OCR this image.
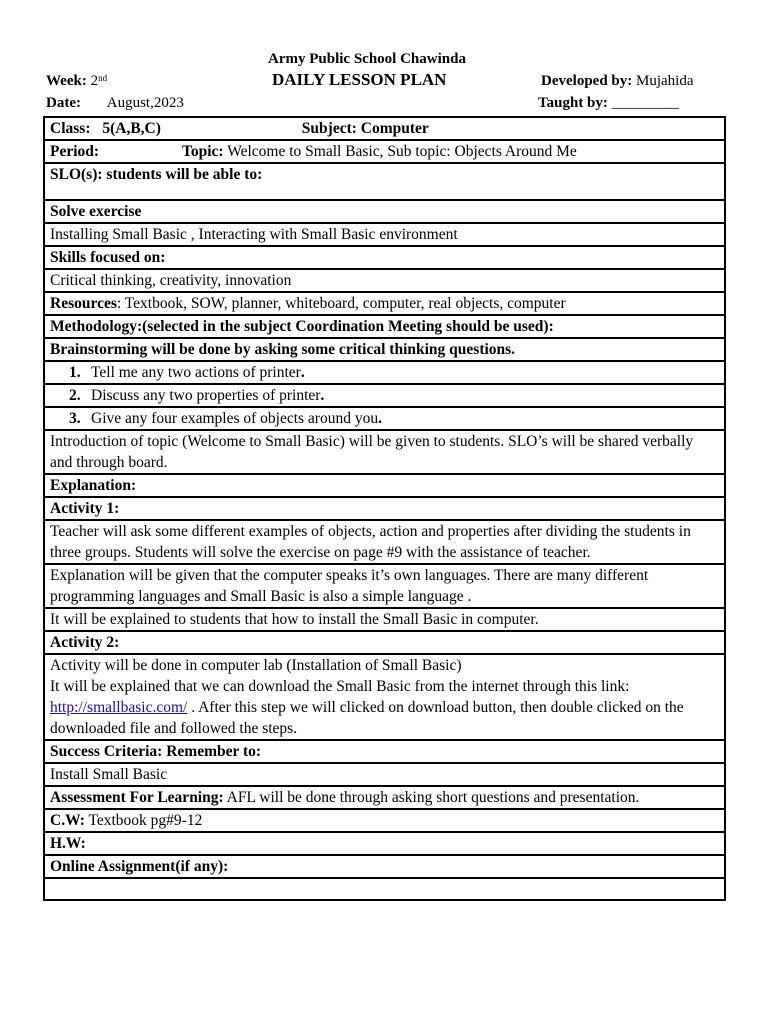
Army Public School Chawinda
DAILY LESSON PLAN
Week: 2nd	Developed by: Mujahida
Date: August,2023	Taught by: _________
Class: 5(A,B,C)	Subject: Computer
Period:	Topic: Welcome to Small Basic, Sub topic: Objects Around Me
SLO(s): students will be able to:
Solve exercise
Installing Small Basic , Interacting with Small Basic environment
Skills focused on:
Critical thinking, creativity, innovation
Resources: Textbook, SOW, planner, whiteboard, computer, real objects, computer
Methodology:(selected in the subject Coordination Meeting should be used):
Brainstorming will be done by asking some critical thinking questions.
1. Tell me any two actions of printer.
2. Discuss any two properties of printer.
3. Give any four examples of objects around you.
Introduction of topic (Welcome to Small Basic) will be given to students. SLO’s will be shared verbally and through board.
Explanation:
Activity 1:
Teacher will ask some different examples of objects, action and properties after dividing the students in three groups. Students will solve the exercise on page #9 with the assistance of teacher.
Explanation will be given that the computer speaks it’s own languages. There are many different programming languages and Small Basic is also a simple language .
It will be explained to students that how to install the Small Basic in computer.
Activity 2:

Activity will be done in computer lab (Installation of Small Basic)
It will be explained that we can download the Small Basic from the internet through this link:
http://smallbasic.com/ . After this step we will clicked on download button, then double clicked on the downloaded file and followed the steps.

Success Criteria: Remember to:
Install Small Basic
Assessment For Learning: AFL will be done through asking short questions and presentation.
C.W: Textbook pg#9-12
H.W:
Online Assignment(if any):
